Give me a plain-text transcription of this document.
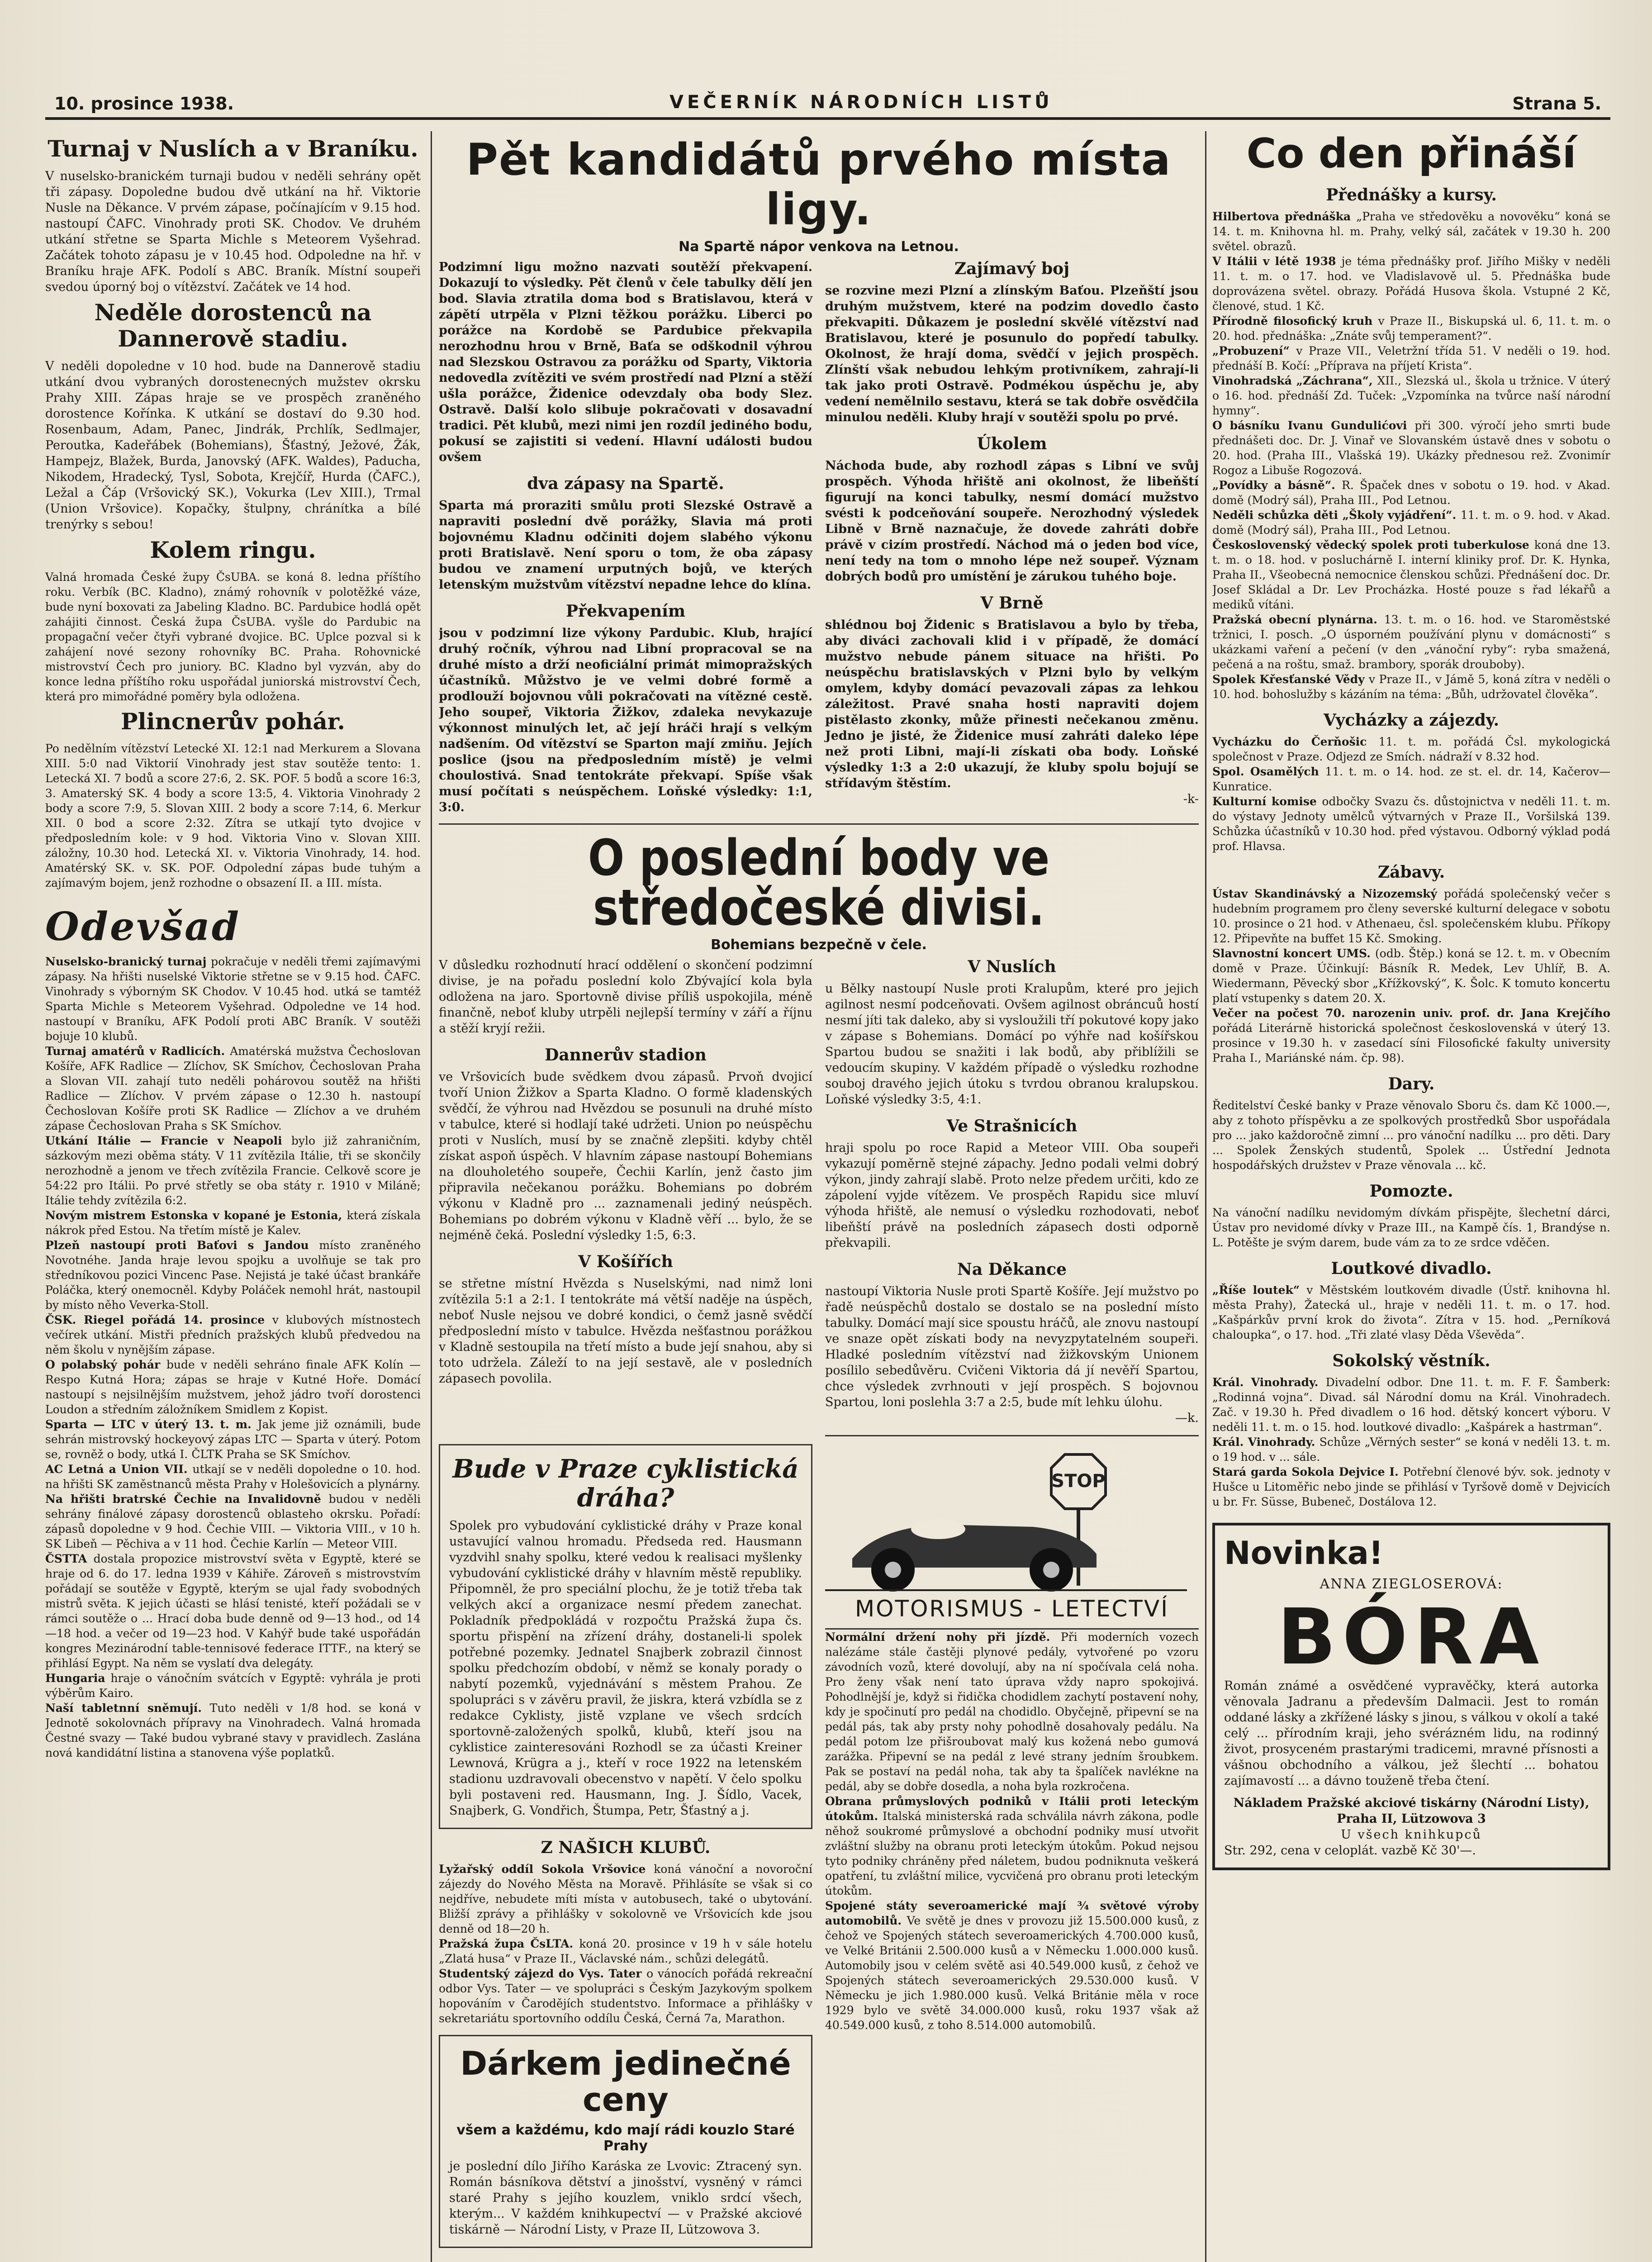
10. prosince 1938.	VEČERNÍK NÁRODNÍCH LISTŮ	Strana 5.
Turnaj v Nuslích a v Braníku.

V nuselsko-branickém turnaji budou v neděli sehrány opět tři zápasy. Dopoledne budou dvě utkání na hř. Viktorie Nusle na Děkance. V prvém zápase, počínajícím v 9.15 hod. nastoupí ČAFC. Vinohrady proti SK. Chodov. Ve druhém utkání střetne se Sparta Michle s Meteorem Vyšehrad. Začátek tohoto zápasu je v 10.45 hod. Odpoledne na hř. v Braníku hraje AFK. Podolí s ABC. Braník. Místní soupeři svedou úporný boj o vítězství. Začátek ve 14 hod.

Neděle dorostenců na Dannerově stadiu.

V neděli dopoledne v 10 hod. bude na Dannerově stadiu utkání dvou vybraných dorostenecných mužstev okrsku Prahy XIII. Zápas hraje se ve prospěch zraněného dorostence Kořínka. K utkání se dostaví do 9.30 hod. Rosenbaum, Adam, Panec, Jindrák, Prchlík, Sedlmajer, Peroutka, Kadeřábek (Bohemians), Šťastný, Ježové, Žák, Hampejz, Blažek, Burda, Janovský (AFK. Waldes), Paducha, Nikodem, Hradecký, Tysl, Sobota, Krejčíř, Hurda (ČAFC.), Ležal a Čáp (Vršovický SK.), Vokurka (Lev XIII.), Trmal (Union Vršovice). Kopačky, štulpny, chránítka a bílé trenýrky s sebou!

Kolem ringu.

Valná hromada České župy ČsUBA. se koná 8. ledna příštího roku. Verbík (BC. Kladno), známý rohovník v polotěžké váze, bude nyní boxovati za Jabeling Kladno. BC. Pardubice hodlá opět zahájiti činnost. Česká župa ČsUBA. vyšle do Pardubic na propagační večer čtyři vybrané dvojice. BC. Uplce pozval si k zahájení nové sezony rohovníky BC. Praha. Rohovnické mistrovství Čech pro juniory. BC. Kladno byl vyzván, aby do konce ledna příštího roku uspořádal juniorská mistrovství Čech, která pro mimořádné poměry byla odložena.

Plincnerův pohár.

Po nedělním vítězství Letecké XI. 12:1 nad Merkurem a Slovana XIII. 5:0 nad Viktorií Vinohrady jest stav soutěže tento: 1. Letecká XI. 7 bodů a score 27:6, 2. SK. POF. 5 bodů a score 16:3, 3. Amaterský SK. 4 body a score 13:5, 4. Viktoria Vinohrady 2 body a score 7:9, 5. Slovan XIII. 2 body a score 7:14, 6. Merkur XII. 0 bod a score 2:32. Zítra se utkají tyto dvojice v předposledním kole: v 9 hod. Viktoria Vino v. Slovan XIII. záložny, 10.30 hod. Letecká XI. v. Viktoria Vinohrady, 14. hod. Amatérský SK. v. SK. POF. Odpolední zápas bude tuhým a zajímavým bojem, jenž rozhodne o obsazení II. a III. místa.

Odevšad

Nuselsko-branický turnaj pokračuje v neděli třemi zajímavými zápasy. Na hřišti nuselské Viktorie střetne se v 9.15 hod. ČAFC. Vinohrady s výborným SK Chodov. V 10.45 hod. utká se tamtéž Sparta Michle s Meteorem Vyšehrad. Odpoledne ve 14 hod. nastoupí v Braníku, AFK Podolí proti ABC Braník. V soutěži bojuje 10 klubů.

Turnaj amatérů v Radlicích. Amatérská mužstva Čechoslovan Košíře, AFK Radlice — Zlíchov, SK Smíchov, Čechoslovan Praha a Slovan VII. zahají tuto neděli pohárovou soutěž na hřišti Radlice — Zlíchov. V prvém zápase o 12.30 h. nastoupí Čechoslovan Košíře proti SK Radlice — Zlíchov a ve druhém zápase Čechoslovan Praha s SK Smíchov.

Utkání Itálie — Francie v Neapoli bylo již zahraničním, sázkovým mezi oběma státy. V 11 zvítězila Itálie, tři se skončily nerozhodně a jenom ve třech zvítězila Francie. Celkově score je 54:22 pro Itálii. Po prvé střetly se oba státy r. 1910 v Miláně; Itálie tehdy zvítězila 6:2.

Novým mistrem Estonska v kopané je Estonia, která získala nákrok před Estou. Na třetím místě je Kalev.

Plzeň nastoupí proti Baťovi s Jandou místo zraněného Novotnéhe. Janda hraje levou spojku a uvolňuje se tak pro středníkovou pozici Vincenc Pase. Nejistá je také účast brankáře Poláčka, který onemocněl. Kdyby Poláček nemohl hrát, nastoupil by místo něho Veverka-Stoll.

ČSK. Riegel pořádá 14. prosince v klubových místnostech večírek utkání. Mistři předních pražských klubů předvedou na něm školu v nynějším zápase.

O polabský pohár bude v neděli sehráno finale AFK Kolín — Respo Kutná Hora; zápas se hraje v Kutné Hoře. Domácí nastoupí s nejsilnějším mužstvem, jehož jádro tvoří dorostenci Loudon a středním záložníkem Smidlem z Kopist.

Sparta — LTC v úterý 13. t. m. Jak jeme již oznámili, bude sehrán mistrovský hockeyový zápas LTC — Sparta v úterý. Potom se, rovněž o body, utká I. ČLTK Praha se SK Smíchov.

AC Letná a Union VII. utkají se v neděli dopoledne o 10. hod. na hřišti SK zaměstnanců města Prahy v Holešovicích a plynárny.

Na hřišti bratrské Čechie na Invalidovně budou v neděli sehrány finálové zápasy dorostenců oblasteho okrsku. Pořadí: zápasů dopoledne v 9 hod. Čechie VIII. — Viktoria VIII., v 10 h. SK Libeň — Pěchiva a v 11 hod. Čechie Karlín — Meteor VIII.

ČSTTA dostala propozice mistrovství světa v Egyptě, které se hraje od 6. do 17. ledna 1939 v Káhiře. Zároveň s mistrovstvím pořádají se soutěže v Egyptě, kterým se ujal řady svobodných mistrů světa. K jejich účasti se hlásí tenisté, kteří požádali se v rámci soutěže o ... Hrací doba bude denně od 9—13 hod., od 14—18 hod. a večer od 19—23 hod. V Kahýř bude také uspořádán kongres Mezinárodní table-tennisové federace ITTF., na který se přihlásí Egypt. Na něm se vyslatí dva delegáty.

Hungaria hraje o vánočním svátcích v Egyptě: vyhrála je proti výběrům Kairo.

Naší tabletnní sněmují. Tuto neděli v 1/8 hod. se koná v Jednotě sokolovnách přípravy na Vinohradech. Valná hromada Čestné svazy — Také budou vybrané stavy v pravidlech. Zaslána nová kandidátní listina a stanovena výše poplatků.

Pět kandidátů prvého místa ligy.
Na Spartě nápor venkova na Letnou.

Podzimní ligu možno nazvati soutěží překvapení. Dokazují to výsledky. Pět členů v čele tabulky dělí jen bod. Slavia ztratila doma bod s Bratislavou, která v zápětí utrpěla v Plzni těžkou porážku. Liberci po porážce na Kordobě se Pardubice překvapila nerozhodnu hrou v Brně, Baťa se odškodnil výhrou nad Slezskou Ostravou za porážku od Sparty, Viktoria nedovedla zvítěziti ve svém prostředí nad Plzní a stěží ušla porážce, Židenice odevzdaly oba body Slez. Ostravě. Další kolo slibuje pokračovati v dosavadní tradici. Pět klubů, mezi nimi jen rozdíl jediného bodu, pokusí se zajistiti si vedení. Hlavní události budou ovšem

dva zápasy na Spartě.

Sparta má proraziti smůlu proti Slezské Ostravě a napraviti poslední dvě porážky, Slavia má proti bojovnému Kladnu odčiniti dojem slabého výkonu proti Bratislavě. Není sporu o tom, že oba zápasy budou ve znamení urputných bojů, ve kterých letenským mužstvům vítězství nepadne lehce do klína.

Překvapením

jsou v podzimní lize výkony Pardubic. Klub, hrající druhý ročník, výhrou nad Libní propracoval se na druhé místo a drží neoficiální primát mimopražských účastníků. Můžstvo je ve velmi dobré formě a prodlouží bojovnou vůli pokračovati na vítězné cestě. Jeho soupeř, Viktoria Žižkov, zdaleka nevykazuje výkonnost minulých let, ač její hráči hrají s velkým nadšením. Od vítězství se Sparton mají zmiňu. Jejích poslice (jsou na předposledním místě) je velmi choulostivá. Snad tentokráte překvapí. Spíše však musí počítati s neúspěchem. Loňské výsledky: 1:1, 3:0.

Zajímavý boj

se rozvine mezi Plzní a zlínským Baťou. Plzeňští jsou druhým mužstvem, které na podzim dovedlo často překvapiti. Důkazem je poslední skvělé vítězství nad Bratislavou, které je posunulo do popředí tabulky. Okolnost, že hrají doma, svědčí v jejich prospěch. Zlínští však nebudou lehkým protivníkem, zahrají-li tak jako proti Ostravě. Podmékou úspěchu je, aby vedení nemělnilo sestavu, která se tak dobře osvědčila minulou neděli. Kluby hrají v soutěži spolu po prvé.

Úkolem

Náchoda bude, aby rozhodl zápas s Libní ve svůj prospěch. Výhoda hřiště ani okolnost, že libeňští figurují na konci tabulky, nesmí domácí mužstvo svésti k podceňování soupeře. Nerozhodný výsledek Libně v Brně naznačuje, že dovede zahráti dobře právě v cizím prostředí. Náchod má o jeden bod více, není tedy na tom o mnoho lépe než soupeř. Význam dobrých bodů pro umístění je zárukou tuhého boje.

V Brně

shlédnou boj Židenic s Bratislavou a bylo by třeba, aby diváci zachovali klid i v případě, že domácí mužstvo nebude pánem situace na hřišti. Po neúspěchu bratislavských v Plzni bylo by velkým omylem, kdyby domácí pevazovali zápas za lehkou záležitost. Pravé snaha hosti napraviti dojem pistělasto zkonky, může přinesti nečekanou změnu. Jedno je jisté, že Židenice musí zahráti daleko lépe než proti Libni, mají-li získati oba body. Loňské výsledky 1:3 a 2:0 ukazují, že kluby spolu bojují se střídavým štěstím.

-k-

O poslední body ve středočeské divisi.
Bohemians bezpečně v čele.

V důsledku rozhodnutí hrací oddělení o skončení podzimní divise, je na pořadu poslední kolo Zbývající kola byla odložena na jaro. Sportovně divise příliš uspokojila, méně finančně, neboť kluby utrpěli nejlepší termíny v září a říjnu a stěží kryjí režii.

Dannerův stadion

ve Vršovicích bude svědkem dvou zápasů. Prvoň dvojicí tvoří Union Žižkov a Sparta Kladno. O formě kladenských svědčí, že výhrou nad Hvězdou se posunuli na druhé místo v tabulce, které si hodlají také udržeti. Union po neúspěchu proti v Nuslích, musí by se značně zlepšiti. kdyby chtěl získat aspoň úspěch. V hlavním zápase nastoupí Bohemians na dlouholetého soupeře, Čechii Karlín, jenž často jim připravila nečekanou porážku. Bohemians po dobrém výkonu v Kladně pro ... zaznamenali jediný neúspěch. Bohemians po dobrém výkonu v Kladně věří ... bylo, že se nejméně čeká. Poslední výsledky 1:5, 6:3.

V Košířích

se střetne místní Hvězda s Nuselskými, nad nimž loni zvítězila 5:1 a 2:1. I tentokráte má větší naděje na úspěch, neboť Nusle nejsou ve dobré kondici, o čemž jasně svědčí předposlední místo v tabulce. Hvězda nešťastnou porážkou v Kladně sestoupila na třetí místo a bude její snahou, aby si toto udržela. Záleží to na její sestavě, ale v posledních zápasech povolila.

V Nuslích

u Bělky nastoupí Nusle proti Kralupům, které pro jejich agilnost nesmí podceňovati. Ovšem agilnost obráncuů hostí nesmí jíti tak daleko, aby si vysloužili tří pokutové kopy jako v zápase s Bohemians. Domácí po výhře nad košířskou Spartou budou se snažiti i lak bodů, aby přiblížili se vedoucím skupiny. V každém případě o výsledku rozhodne souboj dravého jejich útoku s tvrdou obranou kralupskou. Loňské výsledky 3:5, 4:1.

Ve Strašnicích

hraji spolu po roce Rapid a Meteor VIII. Oba soupeři vykazují poměrně stejné zápachy. Jedno podali velmi dobrý výkon, jindy zahrají slabě. Proto nelze předem určiti, kdo ze zápolení vyjde vítězem. Ve prospěch Rapidu sice mluví výhoda hřiště, ale nemusí o výsledku rozhodovati, neboť libeňští právě na posledních zápasech dosti odporně překvapili.

Na Děkance

nastoupí Viktoria Nusle proti Spartě Košíře. Její mužstvo po řadě neúspěchů dostalo se dostalo se na poslední místo tabulky. Domácí mají sice spoustu hráčů, ale znovu nastoupí ve snaze opět získati body na nevyzpytatelném soupeři. Hladké posledním vítězství nad žižkovským Unionem posílilo sebedůvěru. Cvičeni Viktoria dá jí nevěří Spartou, chce výsledek zvrhnouti v její prospěch. S bojovnou Spartou, loni poslehla 3:7 a 2:5, bude mít lehku úlohu.

—k.

Bude v Praze cyklistická dráha?

Spolek pro vybudování cyklistické dráhy v Praze konal ustavující valnou hromadu. Předseda red. Hausmann vyzdvihl snahy spolku, které vedou k realisaci myšlenky vybudování cyklistické dráhy v hlavním městě republiky. Připomněl, že pro speciální plochu, že je totiž třeba tak velkých akcí a organizace nesmí předem zanechat. Pokladník předpokládá v rozpočtu Pražská župa čs. sportu přispění na zřízení dráhy, dostaneli-li spolek potřebné pozemky. Jednatel Snajberk zobrazil činnost spolku předchozím období, v němž se konaly porady o nabytí pozemků, vyjednávání s městem Prahou. Ze spolupráci s v závěru pravil, že jiskra, která vzbídla se z redakce Cyklisty, jistě vzplane ve všech srdcích sportovně-založených spolků, klubů, kteří jsou na cyklistice zainteresováni Rozhodl se za účasti Kreiner Lewnová, Krügra a j., kteří v roce 1922 na letenském stadionu uzdravovali obecenstvo v napětí. V čelo spolku byli postaveni red. Hausmann, Ing. J. Šídlo, Vacek, Snajberk, G. Vondřich, Štumpa, Petr, Šťastný a j.

Z NAŠICH KLUBŮ.

Lyžařský oddíl Sokola Vršovice koná vánoční a novoroční zájezdy do Nového Města na Moravě. Přihlásíte se však si co nejdříve, nebudete míti místa v autobusech, také o ubytování. Bližší zprávy a přihlášky v sokolovně ve Vršovicích kde jsou denně od 18—20 h.

Pražská župa ČsLTA. koná 20. prosince v 19 h v sále hotelu „Zlatá husa“ v Praze II., Václavské nám., schůzi delegátů.

Studentský zájezd do Vys. Tater o vánocích pořádá rekreační odbor Vys. Tater — ve spolupráci s Českým Jazykovým spolkem hopováním v Čarodějích studentstvo. Informace a přihlášky v sekretariátu sportovního oddílu Česká, Černá 7a, Marathon.

Dárkem jedinečné ceny
všem a každému, kdo mají rádi kouzlo Staré Prahy

je poslední dílo Jiřího Karáska ze Lvovic: Ztracený syn. Román básníkova dětství a jinošství, vysněný v rámci staré Prahy s jejího kouzlem, vniklo srdcí všech, kterým... V každém knihkupectví — v Pražské akciové tiskárně — Národní Listy, v Praze II, Lützowova 3.

STOP
MOTORISMUS - LETECTVÍ

Normální držení nohy při jízdě. Při moderních vozech nalézáme stále častěji plynové pedály, vytvořené po vzoru závodních vozů, které dovolují, aby na ní spočívala celá noha. Pro ženy však není tato úprava vždy napro spokojivá. Pohodlnější je, když si řidička chodidlem zachytí postavení nohy, kdy je spočinutí pro pedál na chodidlo. Obyčejně, připevní se na pedál pás, tak aby prsty nohy pohodlně dosahovaly pedálu. Na pedál potom lze přišroubovat malý kus kožená nebo gumová zarážka. Připevní se na pedál z levé strany jedním šroubkem. Pak se postaví na pedál noha, tak aby ta špalíček navlékne na pedál, aby se dobře dosedla, a noha byla rozkročena.

Obrana průmyslových podniků v Itálii proti leteckým útokům. Italská ministerská rada schválila návrh zákona, podle něhož soukromé průmyslové a obchodní podniky musí utvořit zvláštní služby na obranu proti leteckým útokům. Pokud nejsou tyto podniky chráněny před náletem, budou podniknuta veškerá opatření, tu zvláštní milice, vycvičená pro obranu proti leteckým útokům.

Spojené státy severoamerické mají ¾ světové výroby automobilů. Ve světě je dnes v provozu již 15.500.000 kusů, z čehož ve Spojených státech severoamerických 4.700.000 kusů, ve Velké Británii 2.500.000 kusů a v Německu 1.000.000 kusů. Automobily jsou v celém světě asi 40.549.000 kusů, z čehož ve Spojených státech severoamerických 29.530.000 kusů. V Německu je jich 1.980.000 kusů. Velká Británie měla v roce 1929 bylo ve světě 34.000.000 kusů, roku 1937 však až 40.549.000 kusů, z toho 8.514.000 automobilů.

Co den přináší
Přednášky a kursy.

Hilbertova přednáška „Praha ve středověku a novověku“ koná se 14. t. m. Knihovna hl. m. Prahy, velký sál, začátek v 19.30 h. 200 světel. obrazů.

V Itálii v létě 1938 je téma přednášky prof. Jiřího Mišky v neděli 11. t. m. o 17. hod. ve Vladislavově ul. 5. Přednáška bude doprovázena světel. obrazy. Pořádá Husova škola. Vstupné 2 Kč, členové, stud. 1 Kč.

Přírodně filosofický kruh v Praze II., Biskupská ul. 6, 11. t. m. o 20. hod. přednáška: „Znáte svůj temperament?“.

„Probuzení“ v Praze VII., Veletržní třída 51. V neděli o 19. hod. přednáší B. Kočí: „Příprava na příjetí Krista“.

Vinohradská „Záchrana“, XII., Slezská ul., škola u tržnice. V úterý o 16. hod. přednáší Zd. Tuček: „Vzpomínka na tvůrce naší národní hymny“.

O básníku Ivanu Gundulićovi při 300. výročí jeho smrti bude přednášeti doc. Dr. J. Vinař ve Slovanském ústavě dnes v sobotu o 20. hod. (Praha III., Vlašská 19). Ukázky přednesou rež. Zvonimír Rogoz a Libuše Rogozová.

„Povídky a básně“. R. Špaček dnes v sobotu o 19. hod. v Akad. domě (Modrý sál), Praha III., Pod Letnou.

Neděli schůzka děti „Školy vyjádření“. 11. t. m. o 9. hod. v Akad. domě (Modrý sál), Praha III., Pod Letnou.

Československý vědecký spolek proti tuberkulose koná dne 13. t. m. o 18. hod. v posluchárně I. interní kliniky prof. Dr. K. Hynka, Praha II., Všeobecná nemocnice členskou schůzi. Přednášení doc. Dr. Josef Skládal a Dr. Lev Procházka. Hosté pouze s řad lékařů a mediků vítáni.

Pražská obecní plynárna. 13. t. m. o 16. hod. ve Staroměstské tržnici, I. posch. „O úsporném používání plynu v domácnosti“ s ukázkami vaření a pečení (v den „vánoční ryby“: ryba smažená, pečená a na roštu, smaž. brambory, sporák drouboby).

Spolek Křesťanské Vědy v Praze II., v Jámě 5, koná zítra v neděli o 10. hod. bohoslužby s kázáním na téma: „Bůh, udržovatel člověka“.

Vycházky a zájezdy.

Vycházku do Čerňošic 11. t. m. pořádá Čsl. mykologická společnost v Praze. Odjezd ze Smích. nádraží v 8.32 hod.

Spol. Osamělých 11. t. m. o 14. hod. ze st. el. dr. 14, Kačerov—Kunratice.

Kulturní komise odbočky Svazu čs. důstojnictva v neděli 11. t. m. do výstavy Jednoty umělců výtvarných v Praze II., Voršilská 139. Schůzka účastníků v 10.30 hod. před výstavou. Odborný výklad podá prof. Hlavsa.

Zábavy.

Ústav Skandinávský a Nizozemský pořádá společenský večer s hudebním programem pro členy severské kulturní delegace v sobotu 10. prosince o 21 hod. v Athenaeu, čsl. společenském klubu. Příkopy 12. Připevňte na buffet 15 Kč. Smoking.

Slavnostní koncert UMS. (odb. Štěp.) koná se 12. t. m. v Obecním domě v Praze. Účinkují: Básník R. Medek, Lev Uhlíř, B. A. Wiedermann, Pěvecký sbor „Křížkovský“, K. Šolc. K tomuto koncertu platí vstupenky s datem 20. X.

Večer na počest 70. narozenin univ. prof. dr. Jana Krejčího pořádá Literárně historická společnost československá v úterý 13. prosince v 19.30 h. v zasedací síni Filosofické fakulty university Praha I., Mariánské nám. čp. 98).

Dary.

Ředitelství České banky v Praze věnovalo Sboru čs. dam Kč 1000.—, aby z tohoto příspěvku a ze spolkových prostředků Sbor uspořádala pro ... jako každoročně zimní ... pro vánoční nadílku ... pro děti. Dary ... Spolek Ženských studentů, Spolek ... Ústřední Jednota hospodářských družstev v Praze věnovala ... kč.

Pomozte.

Na vánoční nadílku nevidomým dívkám přispějte, šlechetní dárci, Ústav pro nevidomé dívky v Praze III., na Kampě čís. 1, Brandýse n. L. Potěšte je svým darem, bude vám za to ze srdce vděčen.

Loutkové divadlo.

„Říše loutek“ v Městském loutkovém divadle (Ústř. knihovna hl. města Prahy), Žatecká ul., hraje v neděli 11. t. m. o 17. hod. „Kašpárkův první krok do života“. Zítra v 15. hod. „Perníková chaloupka“, o 17. hod. „Tři zlaté vlasy Děda Vševěda“.

Sokolský věstník.

Král. Vinohrady. Divadelní odbor. Dne 11. t. m. F. F. Šamberk: „Rodinná vojna“. Divad. sál Národní domu na Král. Vinohradech. Zač. v 19.30 h. Před divadlem o 16 hod. dětský koncert výboru. V neděli 11. t. m. o 15. hod. loutkové divadlo: „Kašpárek a hastrman“.

Král. Vinohrady. Schůze „Věrných sester“ se koná v neděli 13. t. m. o 19 hod. v ... sále.

Stará garda Sokola Dejvice I. Potřební členové býv. sok. jednoty v Hušce u Litoměřic nebo jinde se přihlásí v Tyršově domě v Dejvicích u br. Fr. Süsse, Bubeneč, Dostálova 12.

Novinka!
ANNA ZIEGLOSEROVÁ:
BÓRA

Román známé a osvědčené vypravěčky, která autorka věnovala Jadranu a především Dalmacii. Jest to román oddané lásky a zkřížené lásky s jinou, s válkou v okolí a také celý ... přírodním kraji, jeho svérázném lidu, na rodinný život, prosyceném prastarými tradicemi, mravné přísnosti a vášnou obchodního a válkou, jež šlechtí ... bohatou zajímavostí ... a dávno touženě třeba čtení.

Nákladem Pražské akciové tiskárny (Národní Listy), Praha II, Lützowova 3

U všech knihkupců

Str. 292, cena v celoplát. vazbě Kč 30'—.
